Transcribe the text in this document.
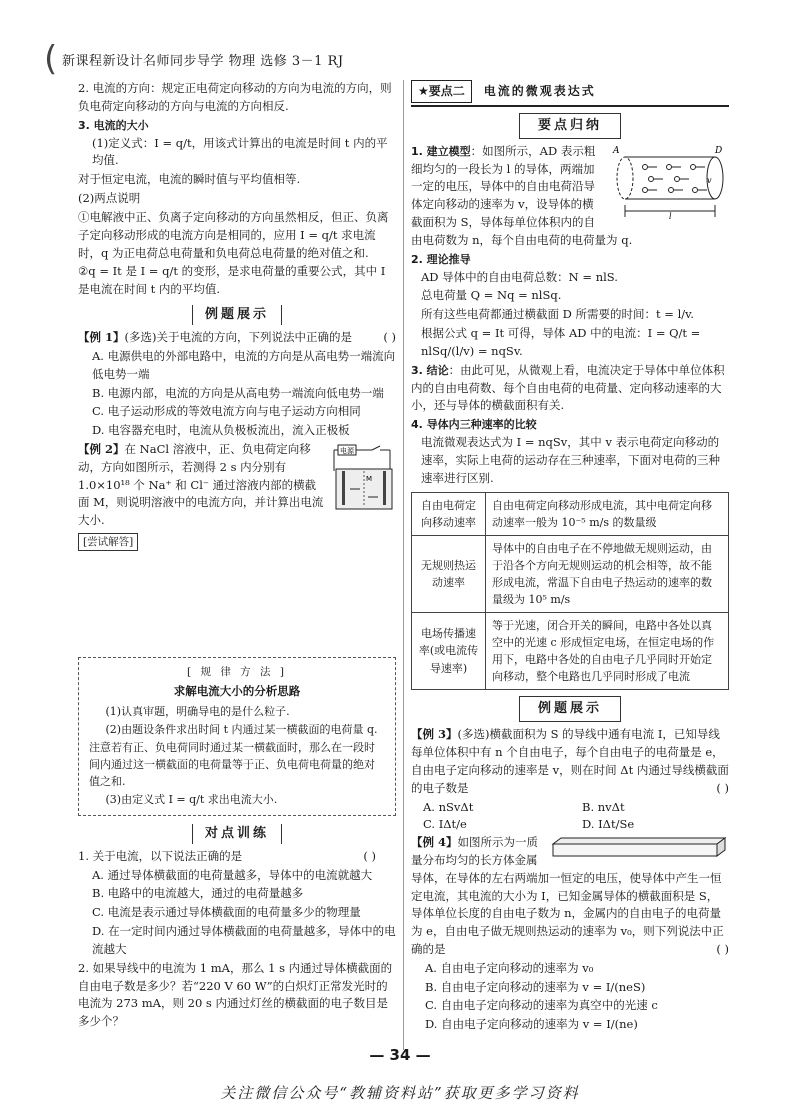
( 新课程新设计名师同步导学 物理 选修 3－1 RJ

2. 电流的方向：规定正电荷定向移动的方向为电流的方向，则负电荷定向移动的方向与电流的方向相反.

3. 电流的大小

(1)定义式：I = q/t，用该式计算出的电流是时间 t 内的平均值.

对于恒定电流，电流的瞬时值与平均值相等.

(2)两点说明

①电解液中正、负离子定向移动的方向虽然相反，但正、负离子定向移动形成的电流方向是相同的，应用 I = q/t 求电流时，q 为正电荷总电荷量和负电荷总电荷量的绝对值之和.

②q = It 是 I = q/t 的变形，是求电荷量的重要公式，其中 I 是电流在时间 t 内的平均值.

例题展示

【例 1】(多选)关于电流的方向，下列说法中正确的是	( )

A. 电源供电的外部电路中，电流的方向是从高电势一端流向低电势一端

B. 电源内部，电流的方向是从高电势一端流向低电势一端

C. 电子运动形成的等效电流方向与电子运动方向相同

D. 电容器充电时，电流从负极板流出，流入正极板

电源
M

【例 2】在 NaCl 溶液中，正、负电荷定向移动，方向如图所示，若测得 2 s 内分别有 1.0×10¹⁸ 个 Na⁺ 和 Cl⁻ 通过溶液内部的横截面 M，则说明溶液中的电流方向，并计算出电流大小.

[尝试解答]
[ 规 律 方 法 ]
求解电流大小的分析思路

(1)认真审题，明确导电的是什么粒子.

(2)由题设条件求出时间 t 内通过某一横截面的电荷量 q. 注意若有正、负电荷同时通过某一横截面时，那么在一段时间内通过这一横截面的电荷量等于正、负电荷电荷量的绝对值之和.

(3)由定义式 I = q/t 求出电流大小.

对点训练

1. 关于电流，以下说法正确的是	( )

A. 通过导体横截面的电荷量越多，导体中的电流就越大

B. 电路中的电流越大，通过的电荷量越多

C. 电流是表示通过导体横截面的电荷量多少的物理量

D. 在一定时间内通过导体横截面的电荷量越多，导体中的电流越大

2. 如果导线中的电流为 1 mA，那么 1 s 内通过导体横截面的自由电子数是多少？若“220 V 60 W”的白炽灯正常发光时的电流为 273 mA，则 20 s 内通过灯丝的横截面的电子数目是多少个？

★要点二	电流的微观表达式
要点归纳
A	D
v
l

1. 建立模型：如图所示，AD 表示粗细均匀的一段长为 l 的导体，两端加一定的电压，导体中的自由电荷沿导体定向移动的速率为 v，设导体的横截面积为 S，导体每单位体积内的自由电荷数为 n，每个自由电荷的电荷量为 q.

2. 理论推导

AD 导体中的自由电荷总数：N = nlS.

总电荷量 Q = Nq = nlSq.

所有这些电荷都通过横截面 D 所需要的时间：t = l/v.

根据公式 q = It 可得，导体 AD 中的电流：I = Q/t = nlSq/(l/v) = nqSv.

3. 结论：由此可见，从微观上看，电流决定于导体中单位体积内的自由电荷数、每个自由电荷的电荷量、定向移动速率的大小，还与导体的横截面积有关.

4. 导体内三种速率的比较

电流微观表达式为 I = nqSv，其中 v 表示电荷定向移动的速率，实际上电荷的运动存在三种速率，下面对电荷的三种速率进行区别.

自由电荷定向移动速率	自由电荷定向移动形成电流，其中电荷定向移动速率一般为 10⁻⁵ m/s 的数量级
无规则热运动速率	导体中的自由电子在不停地做无规则运动，由于沿各个方向无规则运动的机会相等，故不能形成电流，常温下自由电子热运动的速率的数量级为 10⁵ m/s
电场传播速率(或电流传导速率)	等于光速，闭合开关的瞬间，电路中各处以真空中的光速 c 形成恒定电场，在恒定电场的作用下，电路中各处的自由电子几乎同时开始定向移动，整个电路也几乎同时形成了电流
例题展示

【例 3】(多选)横截面积为 S 的导线中通有电流 I，已知导线每单位体积中有 n 个自由电子，每个自由电子的电荷量是 e，自由电子定向移动的速率是 v，则在时间 Δt 内通过导线横截面的电子数是	( )

A. nSvΔt	B. nvΔt
C. IΔt/e	D. IΔt/Se

【例 4】如图所示为一质量分布均匀的长方体金属导体，在导体的左右两端加一恒定的电压，使导体中产生一恒定电流，其电流的大小为 I，已知金属导体的横截面积是 S，导体单位长度的自由电子数为 n，金属内的自由电子的电荷量为 e，自由电子做无规则热运动的速率为 v₀，则下列说法中正确的是	( )

A. 自由电子定向移动的速率为 v₀

B. 自由电子定向移动的速率为 v = I/(neS)

C. 自由电子定向移动的速率为真空中的光速 c

D. 自由电子定向移动的速率为 v = I/(ne)

— 34 —
关注微信公众号“教辅资料站”获取更多学习资料
